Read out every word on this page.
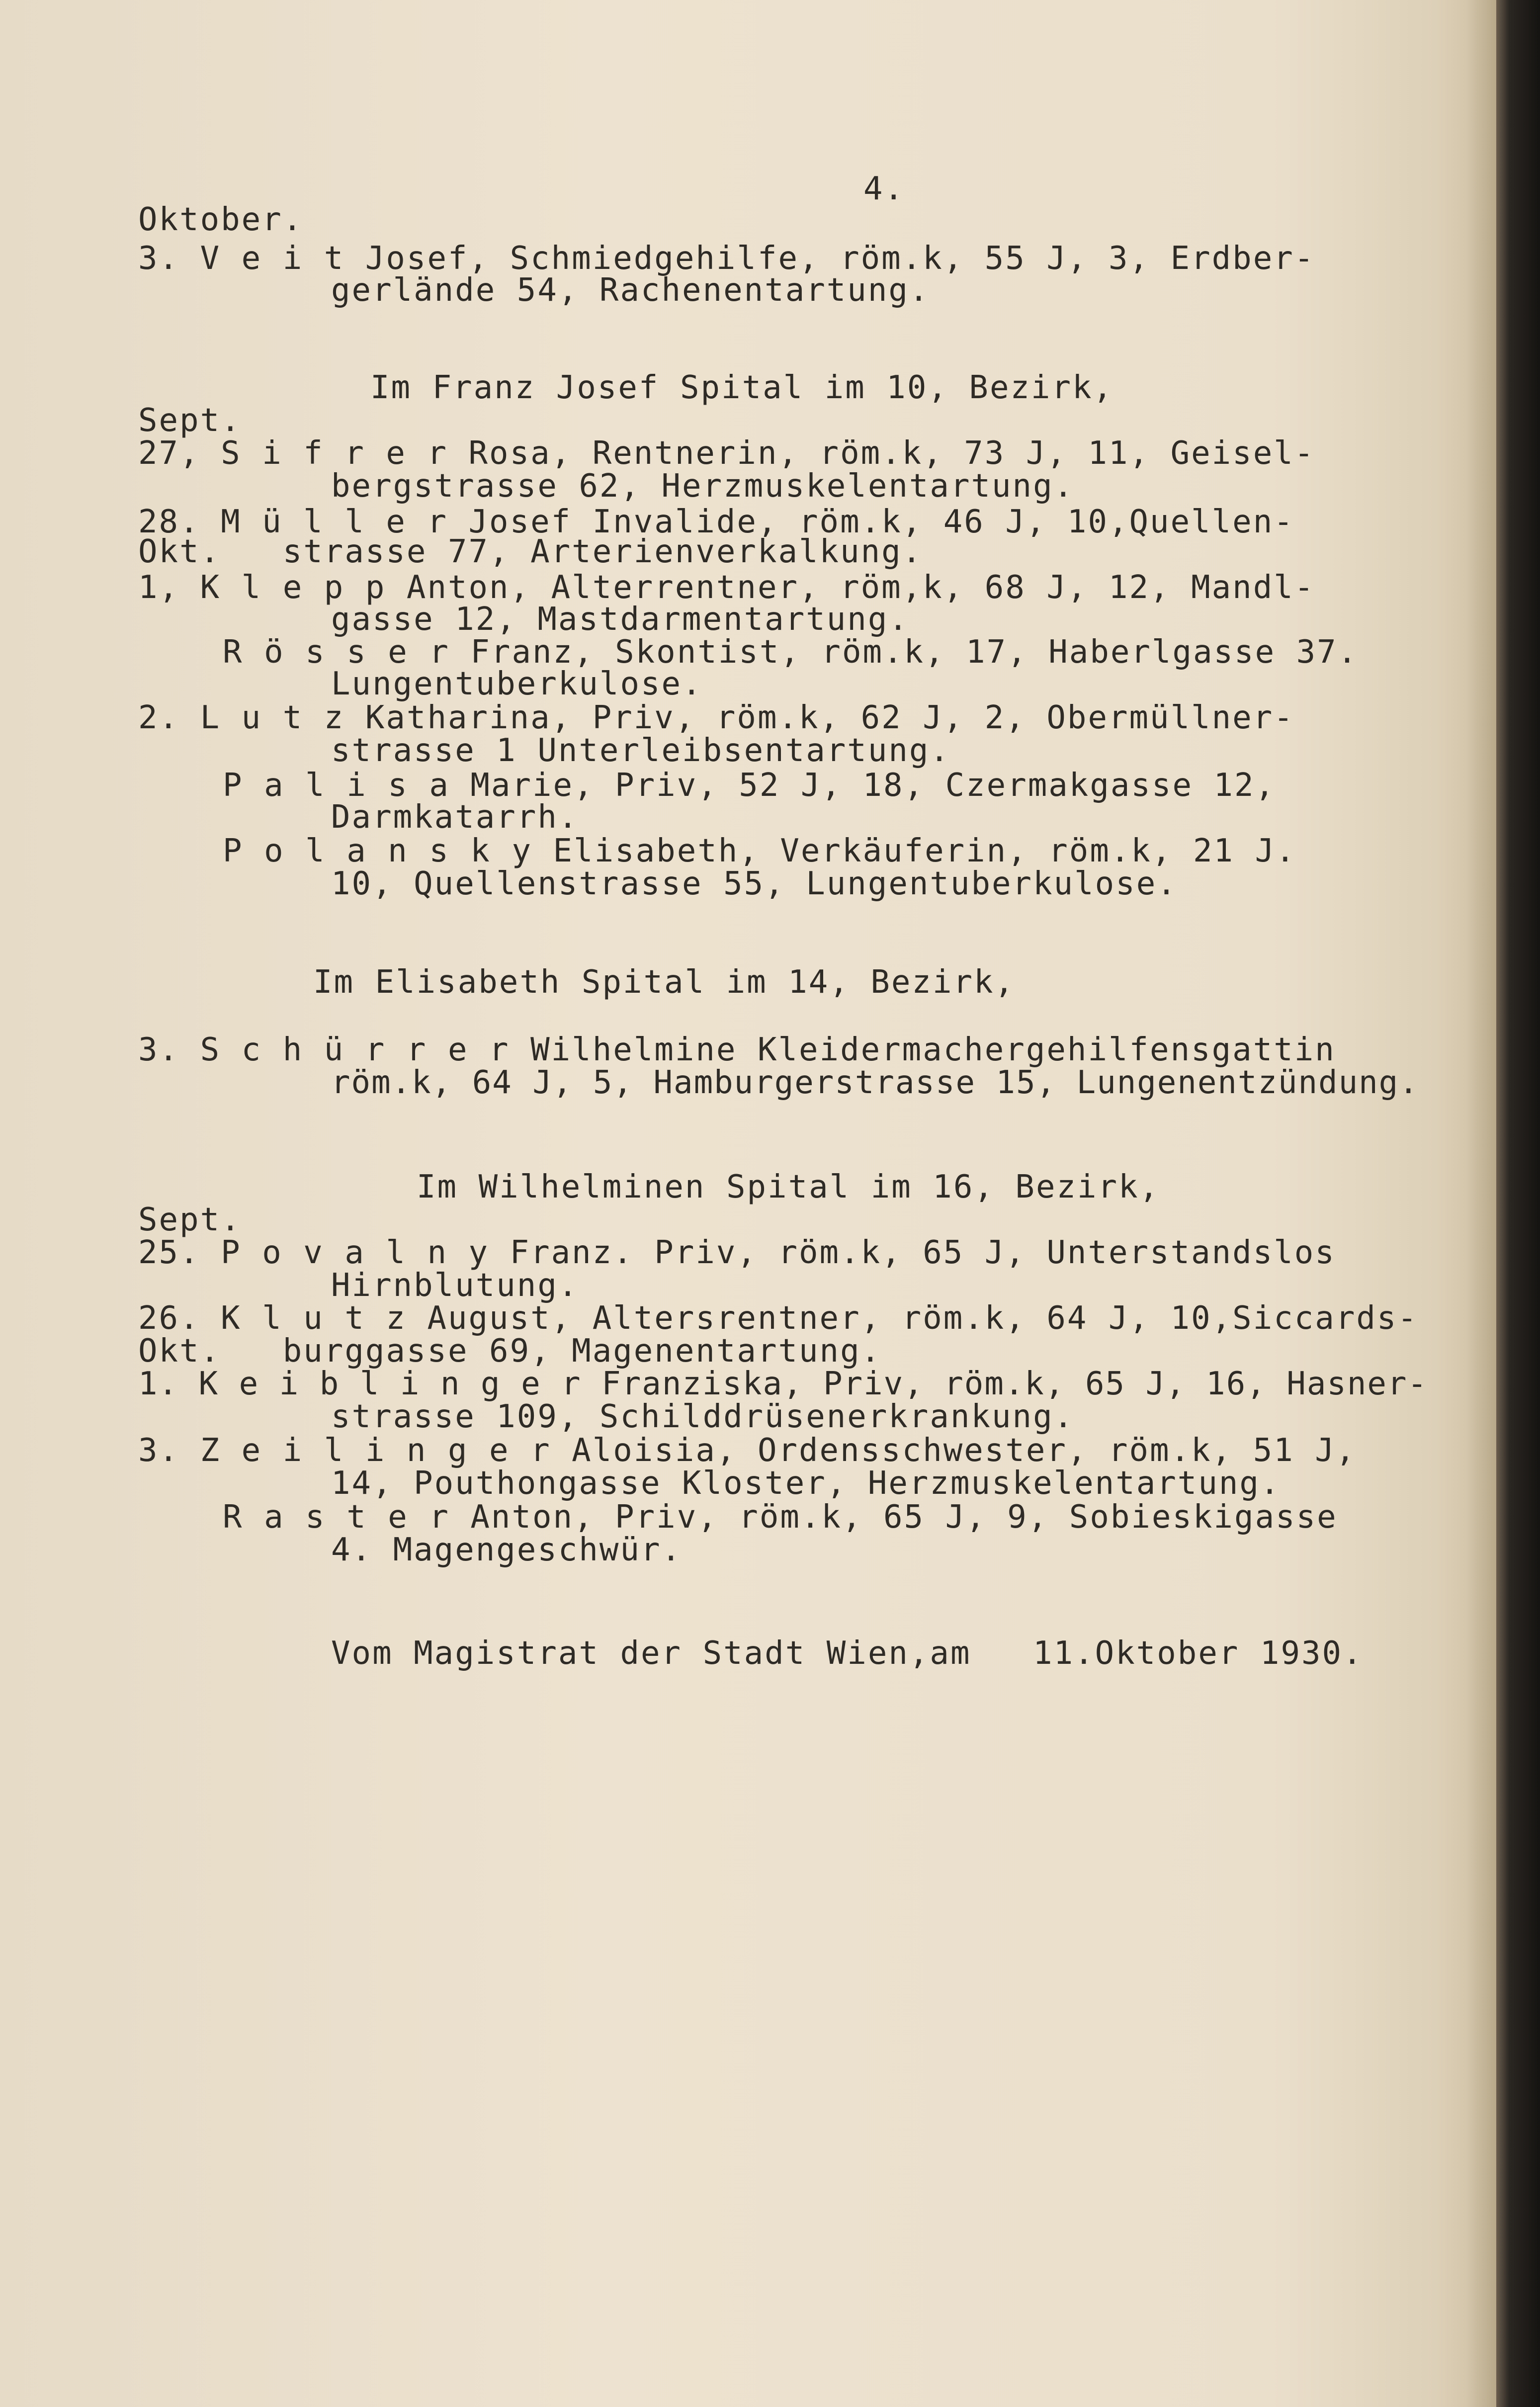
4.
Oktober.
3. V e i t Josef, Schmiedgehilfe, röm.k, 55 J, 3, Erdber-
gerlände 54, Rachenentartung.
Im Franz Josef Spital im 10, Bezirk,
Sept.
27, S i f r e r Rosa, Rentnerin, röm.k, 73 J, 11, Geisel-
bergstrasse 62, Herzmuskelentartung.
28. M ü l l e r Josef Invalide, röm.k, 46 J, 10,Quellen-
Okt.   strasse 77, Arterienverkalkung.
1, K l e p p Anton, Alterrentner, röm,k, 68 J, 12, Mandl-
gasse 12, Mastdarmentartung.
R ö s s e r Franz, Skontist, röm.k, 17, Haberlgasse 37.
Lungentuberkulose.
2. L u t z Katharina, Priv, röm.k, 62 J, 2, Obermüllner-
strasse 1 Unterleibsentartung.
P a l i s a Marie, Priv, 52 J, 18, Czermakgasse 12,
Darmkatarrh.
P o l a n s k y Elisabeth, Verkäuferin, röm.k, 21 J.
10, Quellenstrasse 55, Lungentuberkulose.
Im Elisabeth Spital im 14, Bezirk,
3. S c h ü r r e r Wilhelmine Kleidermachergehilfensgattin
röm.k, 64 J, 5, Hamburgerstrasse 15, Lungenentzündung.
Im Wilhelminen Spital im 16, Bezirk,
Sept.
25. P o v a l n y Franz. Priv, röm.k, 65 J, Unterstandslos
Hirnblutung.
26. K l u t z August, Altersrentner, röm.k, 64 J, 10,Siccards-
Okt.   burggasse 69, Magenentartung.
1. K e i b l i n g e r Franziska, Priv, röm.k, 65 J, 16, Hasner-
strasse 109, Schilddrüsenerkrankung.
3. Z e i l i n g e r Aloisia, Ordensschwester, röm.k, 51 J,
14, Pouthongasse Kloster, Herzmuskelentartung.
R a s t e r Anton, Priv, röm.k, 65 J, 9, Sobieskigasse
4. Magengeschwür.
Vom Magistrat der Stadt Wien,am   11.Oktober 1930.
